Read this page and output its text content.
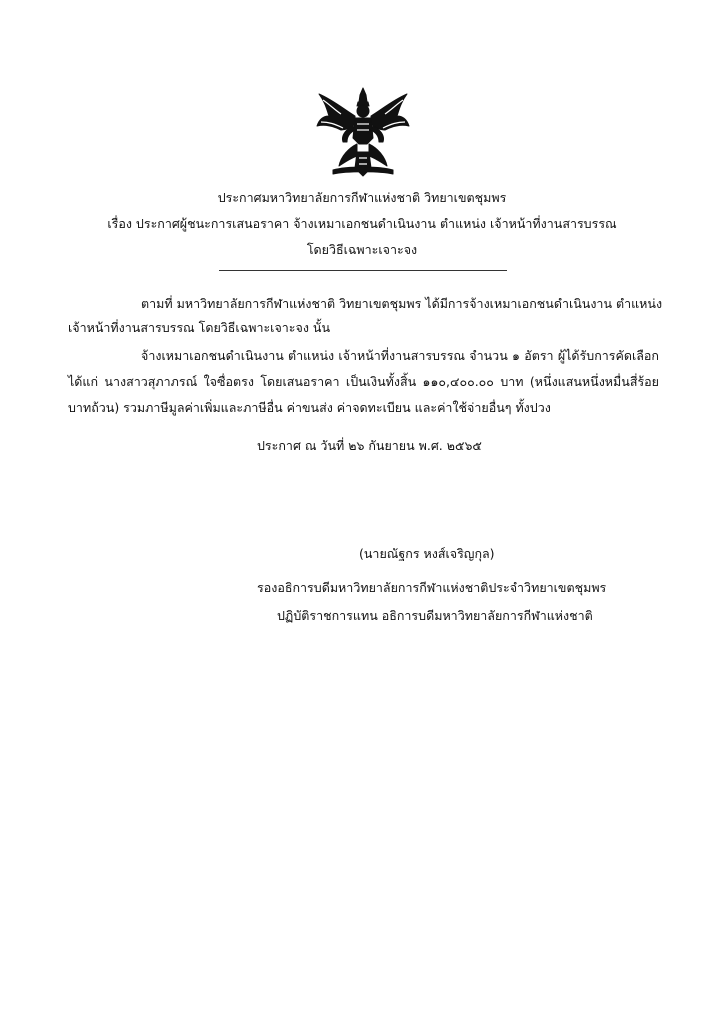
ประกาศมหาวิทยาลัยการกีฬาแห่งชาติ วิทยาเขตชุมพร
เรื่อง ประกาศผู้ชนะการเสนอราคา จ้างเหมาเอกชนดำเนินงาน ตำแหน่ง เจ้าหน้าที่งานสารบรรณ
โดยวิธีเฉพาะเจาะจง
ตามที่ มหาวิทยาลัยการกีฬาแห่งชาติ วิทยาเขตชุมพร ได้มีการจ้างเหมาเอกชนดำเนินงาน ตำแหน่ง
เจ้าหน้าที่งานสารบรรณ โดยวิธีเฉพาะเจาะจง นั้น
จ้างเหมาเอกชนดำเนินงาน ตำแหน่ง เจ้าหน้าที่งานสารบรรณ จำนวน ๑ อัตรา ผู้ได้รับการคัดเลือก
ได้แก่ นางสาวสุภาภรณ์ ใจซื่อตรง โดยเสนอราคา เป็นเงินทั้งสิ้น ๑๑๐,๔๐๐.๐๐ บาท (หนึ่งแสนหนึ่งหมื่นสี่ร้อย
บาทถ้วน) รวมภาษีมูลค่าเพิ่มและภาษีอื่น ค่าขนส่ง ค่าจดทะเบียน และค่าใช้จ่ายอื่นๆ ทั้งปวง
ประกาศ ณ วันที่ ๒๖ กันยายน พ.ศ. ๒๕๖๕
(นายณัฐกร หงส์เจริญกุล)
รองอธิการบดีมหาวิทยาลัยการกีฬาแห่งชาติประจำวิทยาเขตชุมพร
ปฏิบัติราชการแทน อธิการบดีมหาวิทยาลัยการกีฬาแห่งชาติ
